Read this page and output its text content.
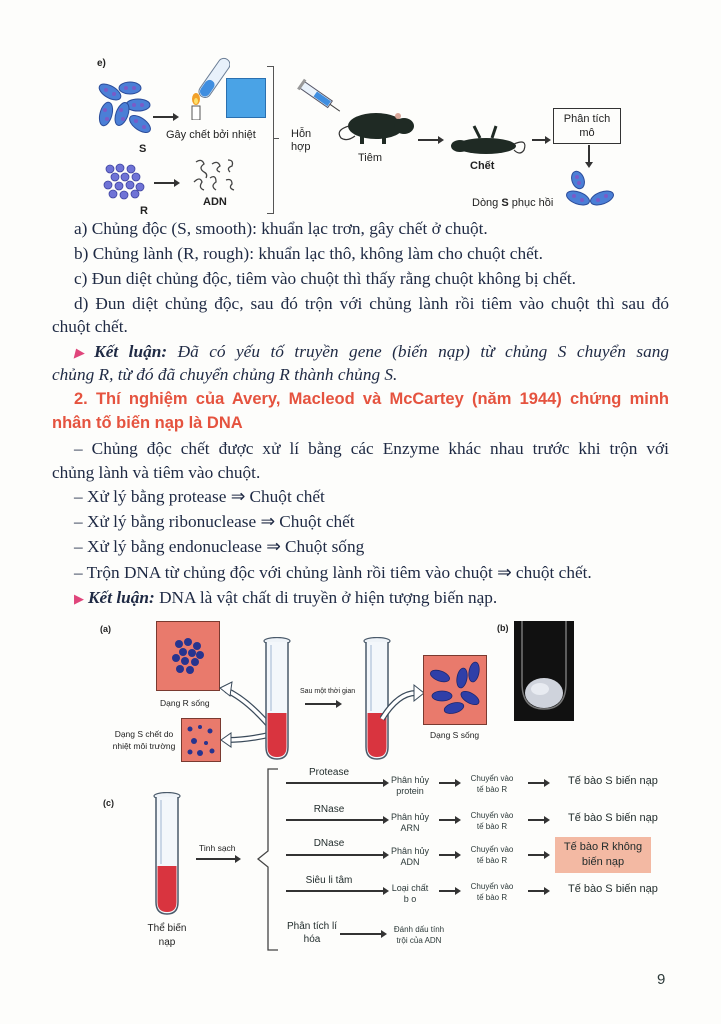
e)
Gây chết bởi nhiệt
S
ADN
R
Hỗn
hợp
Tiêm
Chết
Phân tích
mô
Dòng S phục hồi
a) Chủng độc (S, smooth): khuẩn lạc trơn, gây chết ở chuột.
b) Chủng lành (R, rough): khuẩn lạc thô, không làm cho chuột chết.
c) Đun diệt chủng độc, tiêm vào chuột thì thấy rằng chuột không bị chết.
d) Đun diệt chủng độc, sau đó trộn với chủng lành rồi tiêm vào chuột thì sau đó
chuột chết.
▶ Kết luận: Đã có yếu tố truyền gene (biến nạp) từ chủng S chuyển sang
chủng R, từ đó đã chuyển chủng R thành chủng S.
2. Thí nghiệm của Avery, Macleod và McCartey (năm 1944) chứng minh
nhân tố biến nạp là DNA
– Chủng độc chết được xử lí bằng các Enzyme khác nhau trước khi trộn với
chủng lành và tiêm vào chuột.
– Xử lý bằng protease ⇒ Chuột chết
– Xử lý bằng ribonuclease ⇒ Chuột chết
– Xử lý bằng endonuclease ⇒ Chuột sống
– Trộn DNA từ chủng độc với chủng lành rồi tiêm vào chuột ⇒ chuột chết.
▶ Kết luận: DNA là vật chất di truyền ở hiện tượng biến nạp.
(a)	(b)
Dạng R sống
Dạng S chết do
nhiệt môi trường
Sau một thời gian
Dạng S sống
(c)
Thể biến
nạp
Tinh sạch
Protease
Phân hủy
protein
Chuyển vào
tế bào R
Tế bào S biến nạp
RNase
Phân hủy
ARN
Chuyển vào
tế bào R
Tế bào S biến nạp
DNase
Phân hủy
ADN
Chuyển vào
tế bào R
Tế bào R không
biến nạp
Siêu li tâm
Loại chất
b o
Chuyển vào
tế bào R
Tế bào S biến nạp
Phân tích lí
hóa
Đánh dấu tính
trội của ADN
9
